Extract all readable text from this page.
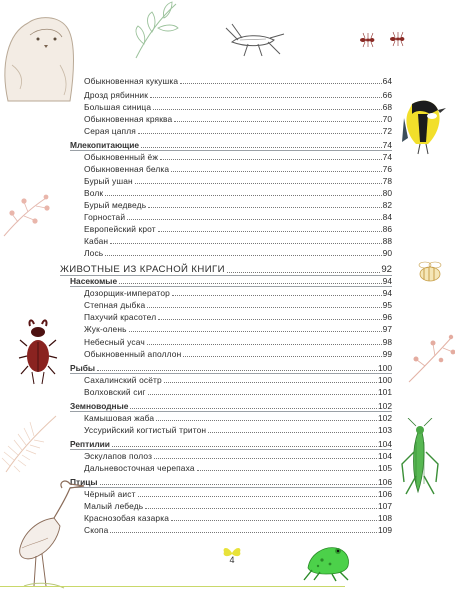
Обыкновенная кукушка	64
Дрозд рябинник	66
Большая синица	68
Обыкновенная кряква	70
Серая цапля	72
Млекопитающие	74
Обыкновенный ёж	74
Обыкновенная белка	76
Бурый ушан	78
Волк	80
Бурый медведь	82
Горностай	84
Европейский крот	86
Кабан	88
Лось	90
ЖИВОТНЫЕ ИЗ КРАСНОЙ КНИГИ	92
Насекомые	94
Дозорщик-император	94
Степная дыбка	95
Пахучий красотел	96
Жук-олень	97
Небесный усач	98
Обыкновенный аполлон	99
Рыбы	100
Сахалинский осётр	100
Волховский сиг	101
Земноводные	102
Камышовая жаба	102
Уссурийский когтистый тритон	103
Рептилии	104
Эскулапов полоз	104
Дальневосточная черепаха	105
Птицы	106
Чёрный аист	106
Малый лебедь	107
Краснозобая казарка	108
Скопа	109
4
